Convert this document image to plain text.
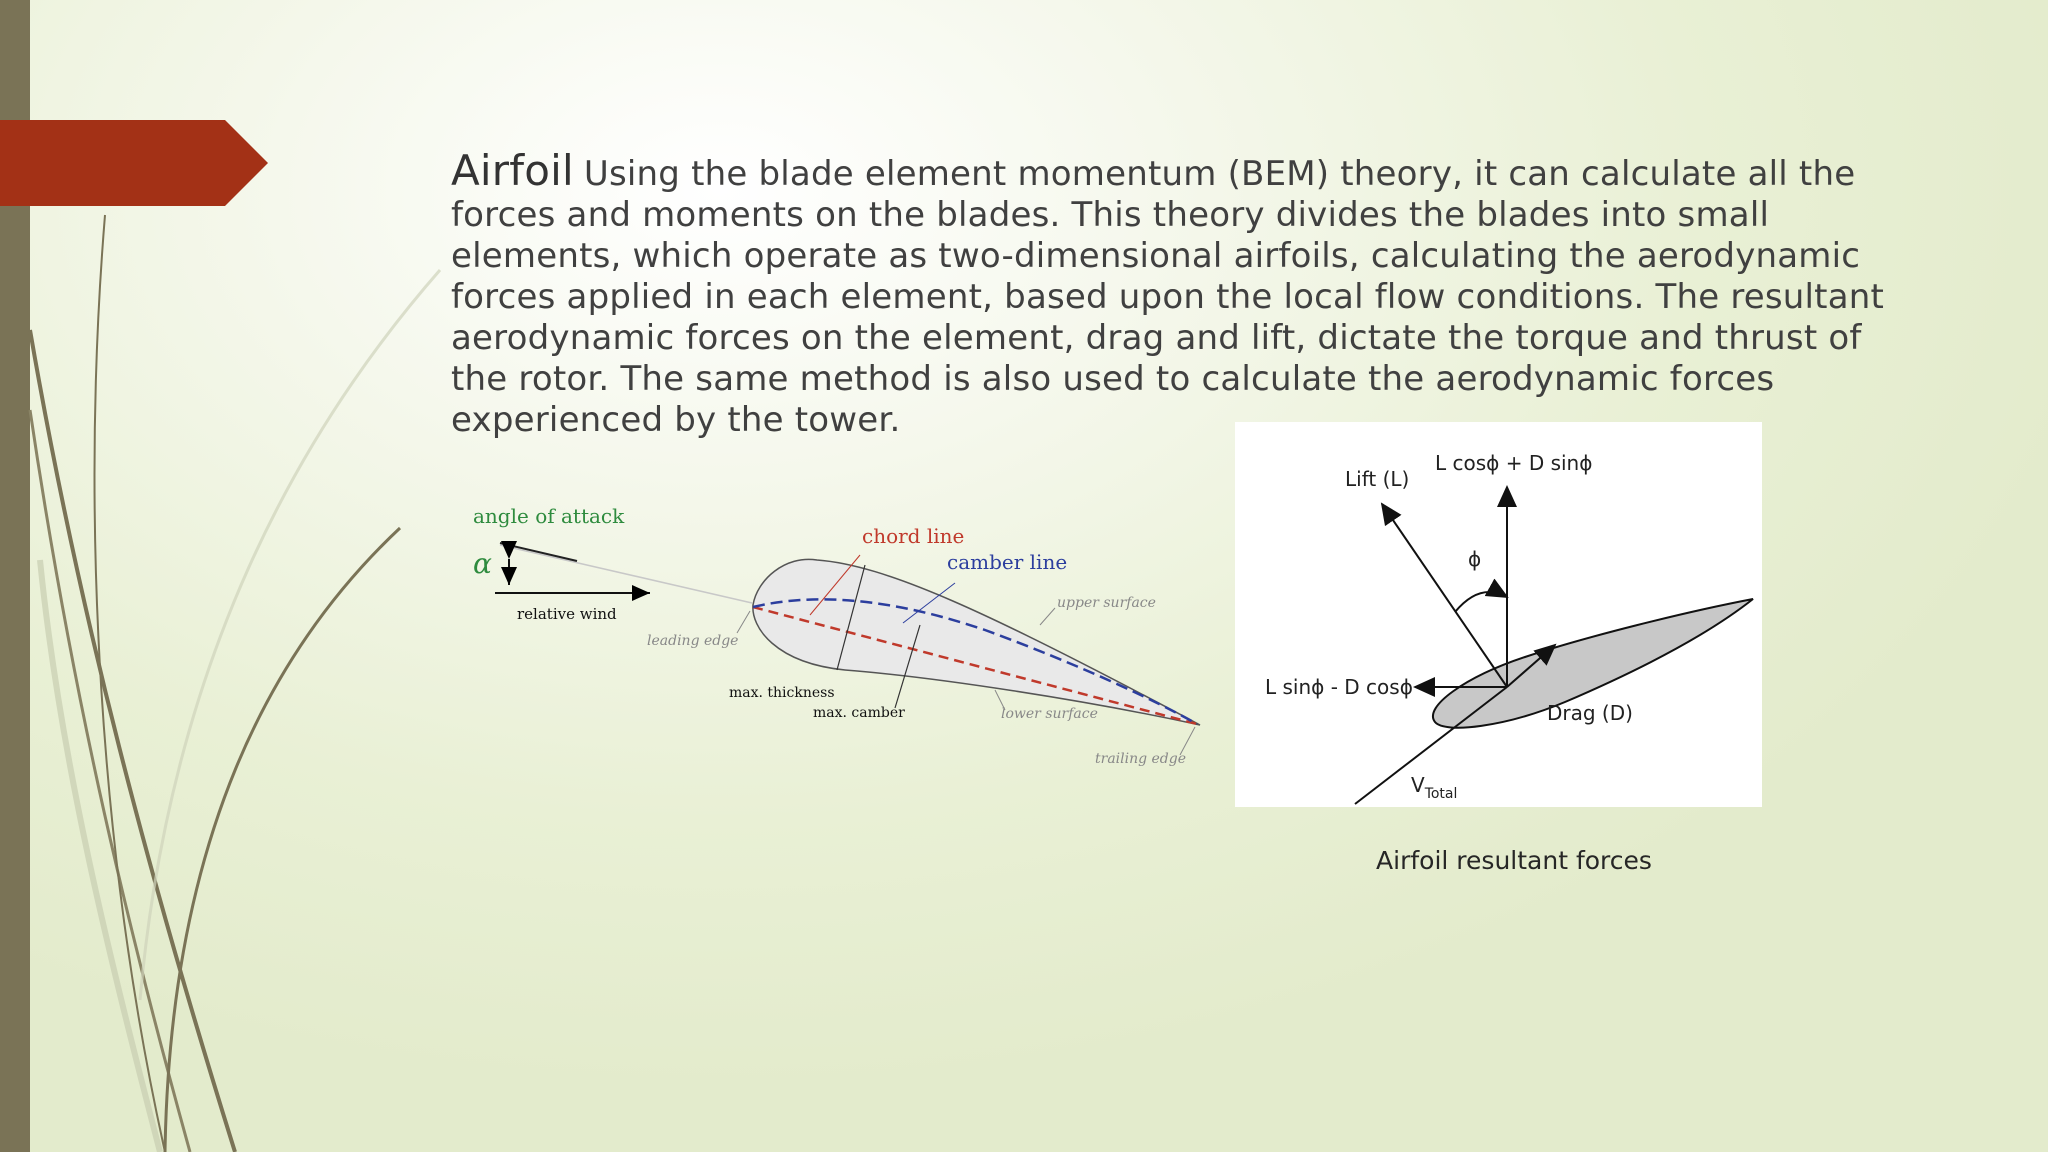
Airfoil Using the blade element momentum (BEM) theory, it can calculate all the forces and moments on the blades. This theory divides the blades into small elements, which operate as two-dimensional airfoils, calculating the aerodynamic forces applied in each element, based upon the local flow conditions. The resultant aerodynamic forces on the element, drag and lift, dictate the torque and thrust of the rotor. The same method is also used to calculate the aerodynamic forces experienced by the tower.

angle of attack
α
relative wind
chord line
camber line
upper surface
leading edge
max. thickness
max. camber	lower surface
trailing edge
Lift (L)
L cosϕ + D sinϕ
ϕ
L sinϕ - D cosϕ
Drag (D)
$V_{Total}$
Airfoil resultant forces
